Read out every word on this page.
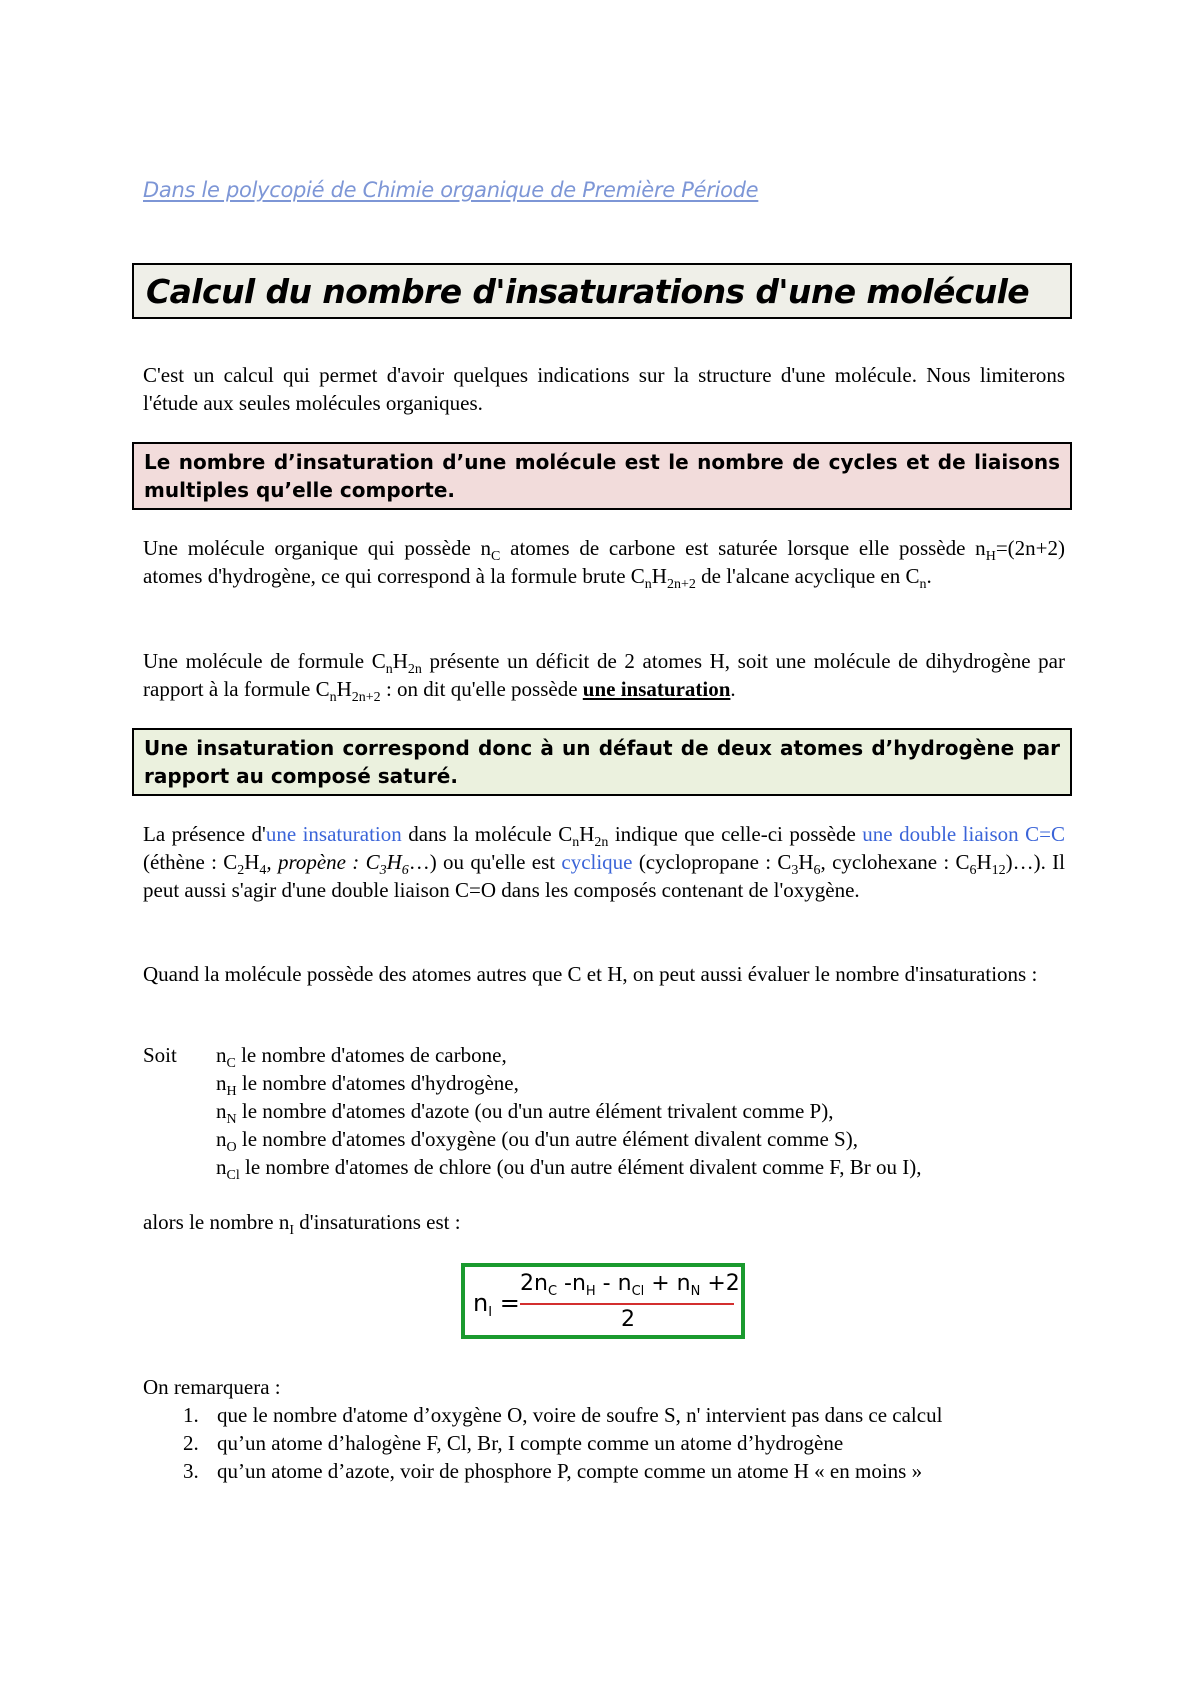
Dans le polycopié de Chimie organique de Première Période
Calcul du nombre d'insaturations d'une molécule

C'est un calcul qui permet d'avoir quelques indications sur la structure d'une molécule. Nous limiterons l'étude aux seules molécules organiques.

Le nombre d’insaturation d’une molécule est le nombre de cycles et de liaisons multiples qu’elle comporte.

Une molécule organique qui possède $n_C$ atomes de carbone est saturée lorsque elle possède $n_H=(2n+2)$ atomes d'hydrogène, ce qui correspond à la formule brute $C_nH_{2n+2}$ de l'alcane acyclique en $C_n$.

Une molécule de formule $C_nH_{2n}$ présente un déficit de 2 atomes H, soit une molécule de dihydrogène par rapport à la formule $C_nH_{2n+2}$ : on dit qu'elle possède une insaturation.

Une insaturation correspond donc à un défaut de deux atomes d’hydrogène par rapport au composé saturé.

La présence d'une insaturation dans la molécule $C_nH_{2n}$ indique que celle-ci possède une double liaison C=C (éthène : $C_2H_4$, propène : $C_3H_6\dots$) ou qu'elle est cyclique (cyclopropane : $C_3H_6$, cyclohexane : $C_6H_{12})\dots$). Il peut aussi s'agir d'une double liaison C=O dans les composés contenant de l'oxygène.

Quand la molécule possède des atomes autres que C et H, on peut aussi évaluer le nombre d'insaturations :

Soit $n_C$ le nombre d'atomes de carbone,
$n_H$ le nombre d'atomes d'hydrogène,
$n_N$ le nombre d'atomes d'azote (ou d'un autre élément trivalent comme P),
$n_O$ le nombre d'atomes d'oxygène (ou d'un autre élément divalent comme S),
$n_{Cl}$ le nombre d'atomes de chlore (ou d'un autre élément divalent comme F, Br ou I),

alors le nombre $n_I$ d'insaturations est :

$n_I$ =
$2n_C$ $-n_H - n_{Cl} + n_N +2$
2
On remarquera :
1. que le nombre d'atome d’oxygène O, voire de soufre S, n' intervient pas dans ce calcul
2. qu’un atome d’halogène F, Cl, Br, I compte comme un atome d’hydrogène
3. qu’un atome d’azote, voir de phosphore P, compte comme un atome H « en moins »
